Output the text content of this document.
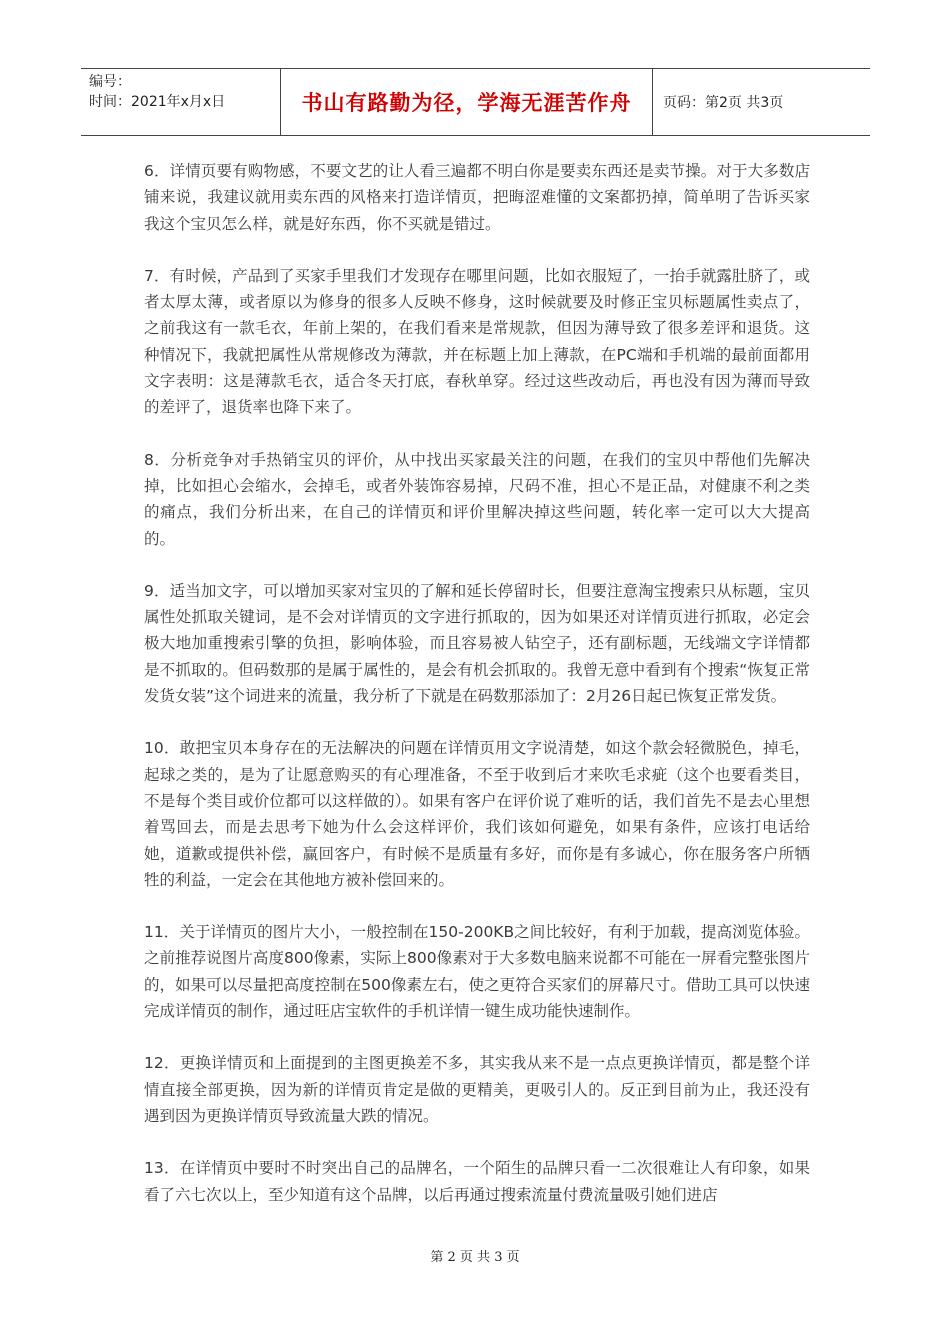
编号：
时间：2021年x月x日	书山有路勤为径，学海无涯苦作舟	页码：第2页 共3页

6．详情页要有购物感，不要文艺的让人看三遍都不明白你是要卖东西还是卖节操。对于大多数店铺来说，我建议就用卖东西的风格来打造详情页，把晦涩难懂的文案都扔掉，简单明了告诉买家我这个宝贝怎么样，就是好东西，你不买就是错过。

7．有时候，产品到了买家手里我们才发现存在哪里问题，比如衣服短了，一抬手就露肚脐了，或者太厚太薄，或者原以为修身的很多人反映不修身，这时候就要及时修正宝贝标题属性卖点了，之前我这有一款毛衣，年前上架的，在我们看来是常规款，但因为薄导致了很多差评和退货。这种情况下，我就把属性从常规修改为薄款，并在标题上加上薄款，在PC端和手机端的最前面都用文字表明：这是薄款毛衣，适合冬天打底，春秋单穿。经过这些改动后，再也没有因为薄而导致的差评了，退货率也降下来了。

8．分析竞争对手热销宝贝的评价，从中找出买家最关注的问题，在我们的宝贝中帮他们先解决掉，比如担心会缩水，会掉毛，或者外装饰容易掉，尺码不准，担心不是正品，对健康不利之类的痛点，我们分析出来，在自己的详情页和评价里解决掉这些问题，转化率一定可以大大提高的。

9．适当加文字，可以增加买家对宝贝的了解和延长停留时长，但要注意淘宝搜索只从标题，宝贝属性处抓取关键词，是不会对详情页的文字进行抓取的，因为如果还对详情页进行抓取，必定会极大地加重搜索引擎的负担，影响体验，而且容易被人钻空子，还有副标题，无线端文字详情都是不抓取的。但码数那的是属于属性的，是会有机会抓取的。我曾无意中看到有个搜索“恢复正常发货女装”这个词进来的流量，我分析了下就是在码数那添加了：2月26日起已恢复正常发货。

10．敢把宝贝本身存在的无法解决的问题在详情页用文字说清楚，如这个款会轻微脱色，掉毛，起球之类的，是为了让愿意购买的有心理准备，不至于收到后才来吹毛求疵（这个也要看类目，不是每个类目或价位都可以这样做的）。如果有客户在评价说了难听的话，我们首先不是去心里想着骂回去，而是去思考下她为什么会这样评价，我们该如何避免，如果有条件，应该打电话给她，道歉或提供补偿，赢回客户，有时候不是质量有多好，而你是有多诚心，你在服务客户所牺牲的利益，一定会在其他地方被补偿回来的。

11．关于详情页的图片大小，一般控制在150-200KB之间比较好，有利于加载，提高浏览体验。之前推荐说图片高度800像素，实际上800像素对于大多数电脑来说都不可能在一屏看完整张图片的，如果可以尽量把高度控制在500像素左右，使之更符合买家们的屏幕尺寸。借助工具可以快速完成详情页的制作，通过旺店宝软件的手机详情一键生成功能快速制作。

12．更换详情页和上面提到的主图更换差不多，其实我从来不是一点点更换详情页，都是整个详情直接全部更换，因为新的详情页肯定是做的更精美，更吸引人的。反正到目前为止，我还没有遇到因为更换详情页导致流量大跌的情况。

13．在详情页中要时不时突出自己的品牌名，一个陌生的品牌只看一二次很难让人有印象，如果看了六七次以上，至少知道有这个品牌，以后再通过搜索流量付费流量吸引她们进店

第 2 页 共 3 页
